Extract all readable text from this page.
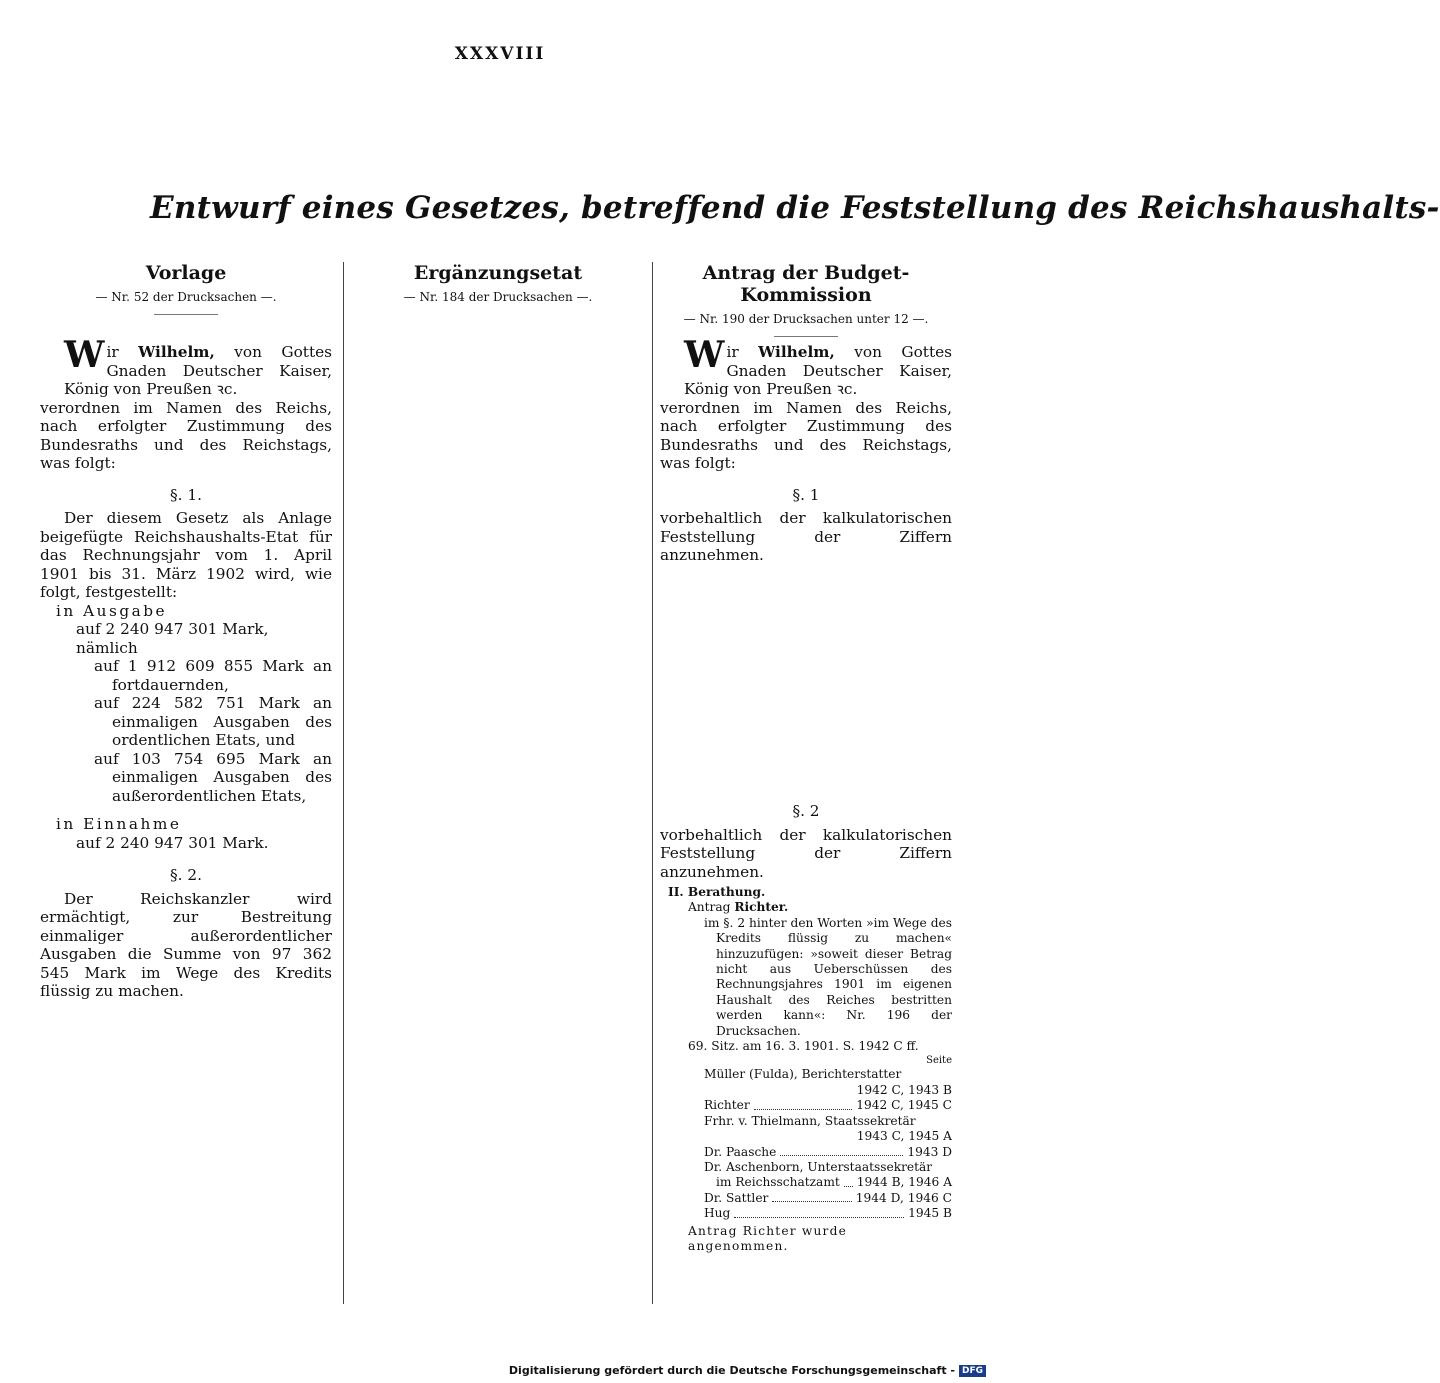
XXXVIII
Entwurf eines Gesetzes, betreffend die Feststellung des Reichshaushalts-
Vorlage
— Nr. 52 der Drucksachen —.

Wir Wilhelm, von Gottes Gnaden Deutscher Kaiser, König von Preußen ꝛc.

verordnen im Namen des Reichs, nach erfolgter Zustimmung des Bundesraths und des Reichstags, was folgt:

§. 1.

Der diesem Gesetz als Anlage beigefügte Reichshaushalts-Etat für das Rechnungsjahr vom 1. April 1901 bis 31. März 1902 wird, wie folgt, festgestellt:

in Ausgabe

auf 2 240 947 301 Mark, nämlich

auf 1 912 609 855 Mark an fortdauernden,

auf 224 582 751 Mark an einmaligen Ausgaben des ordentlichen Etats, und

auf 103 754 695 Mark an einmaligen Ausgaben des außerordentlichen Etats,

in Einnahme

auf 2 240 947 301 Mark.

§. 2.

Der Reichskanzler wird ermächtigt, zur Bestreitung einmaliger außerordentlicher Ausgaben die Summe von 97 362 545 Mark im Wege des Kredits flüssig zu machen.

Ergänzungsetat
— Nr. 184 der Drucksachen —.
Antrag der Budget-Kommission
— Nr. 190 der Drucksachen unter 12 —.

Wir Wilhelm, von Gottes Gnaden Deutscher Kaiser, König von Preußen ꝛc.

verordnen im Namen des Reichs, nach erfolgter Zustimmung des Bundesraths und des Reichstags, was folgt:

§. 1

vorbehaltlich der kalkulatorischen Feststellung der Ziffern anzunehmen.

§. 2

vorbehaltlich der kalkulatorischen Feststellung der Ziffern anzunehmen.

II. Berathung.

Antrag Richter.

im §. 2 hinter den Worten »im Wege des Kredits flüssig zu machen« hinzuzufügen: »soweit dieser Betrag nicht aus Ueberschüssen des Rechnungsjahres 1901 im eigenen Haushalt des Reiches bestritten werden kann«: Nr. 196 der Drucksachen.

69. Sitz. am 16. 3. 1901. S. 1942 C ff.

Seite

Müller (Fulda), Berichterstatter
1942 C, 1943 B
Richter	1942 C, 1945 C
Frhr. v. Thielmann, Staatssekretär
1943 C, 1945 A
Dr. Paasche	1943 D
Dr. Aschenborn, Unterstaatssekretär
im Reichsschatzamt 1944 B, 1946 A
Dr. Sattler	1944 D, 1946 C
Hug	1945 B

Antrag Richter wurde angenommen.

Digitalisierung gefördert durch die Deutsche Forschungsgemeinschaft - DFG
